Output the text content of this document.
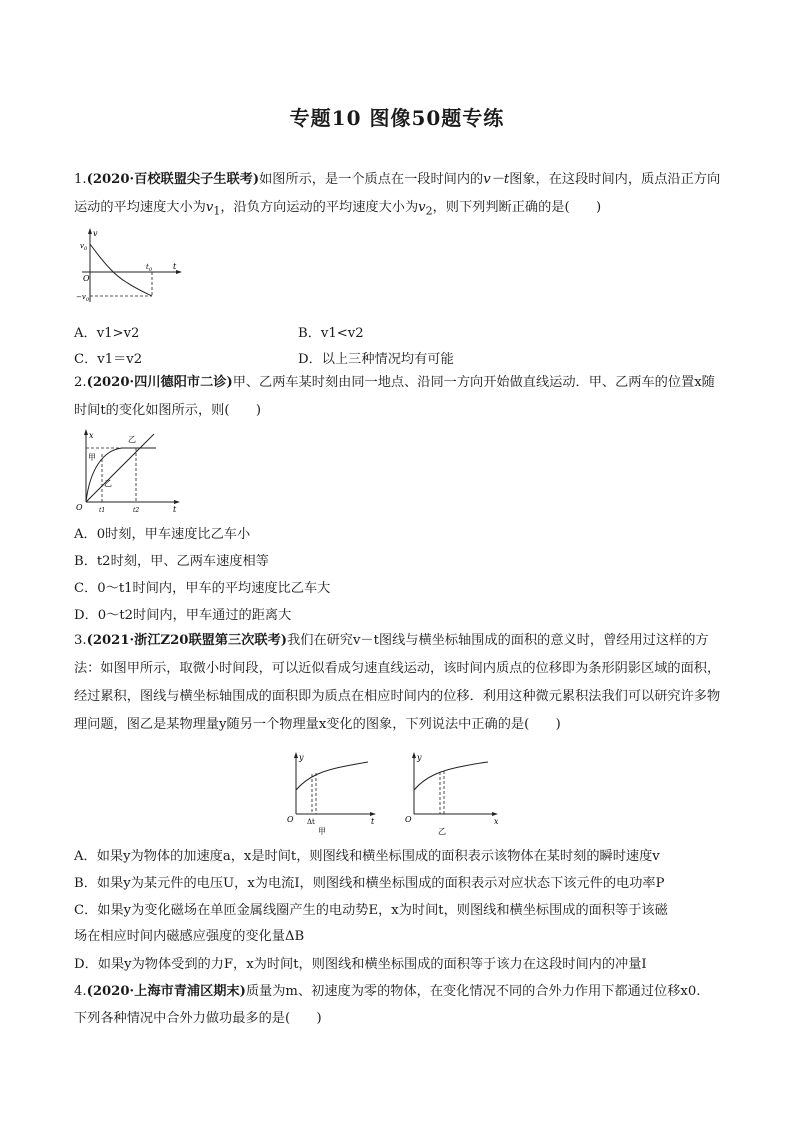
专题10 图像50题专练
1.(2020·百校联盟尖子生联考)如图所示，是一个质点在一段时间内的v－t图象，在这段时间内，质点沿正方向运动的平均速度大小为$v_1$，沿负方向运动的平均速度大小为$v_2$，则下列判断正确的是(　　)
v
t
$v_0$
$-v_0$
$t_0$
O
A．v1>v2	B．v1<v2
C．v1＝v2	D．以上三种情况均有可能
2.(2020·四川德阳市二诊)甲、乙两车某时刻由同一地点、沿同一方向开始做直线运动．甲、乙两车的位置x随时间t的变化如图所示，则(　　)
x
t
O
甲
乙
乙
t1	t2
A．0时刻，甲车速度比乙车小
B．t2时刻，甲、乙两车速度相等
C．0～t1时间内，甲车的平均速度比乙车大
D．0～t2时间内，甲车通过的距离大
3.(2021·浙江Z20联盟第三次联考)我们在研究v－t图线与横坐标轴围成的面积的意义时，曾经用过这样的方法：如图甲所示，取微小时间段，可以近似看成匀速直线运动，该时间内质点的位移即为条形阴影区域的面积，经过累积，图线与横坐标轴围成的面积即为质点在相应时间内的位移．利用这种微元累积法我们可以研究许多物理问题，图乙是某物理量y随另一个物理量x变化的图象，下列说法中正确的是(　　)
y
t
O Δt
甲
y
x
O
乙
A．如果y为物体的加速度a，x是时间t，则图线和横坐标围成的面积表示该物体在某时刻的瞬时速度v
B．如果y为某元件的电压U，x为电流I，则图线和横坐标围成的面积表示对应状态下该元件的电功率P
C．如果y为变化磁场在单匝金属线圈产生的电动势E，x为时间t，则图线和横坐标围成的面积等于该磁
场在相应时间内磁感应强度的变化量ΔB
D．如果y为物体受到的力F，x为时间t，则图线和横坐标围成的面积等于该力在这段时间内的冲量I
4.(2020·上海市青浦区期末)质量为m、初速度为零的物体，在变化情况不同的合外力作用下都通过位移x0.
下列各种情况中合外力做功最多的是(　　)
